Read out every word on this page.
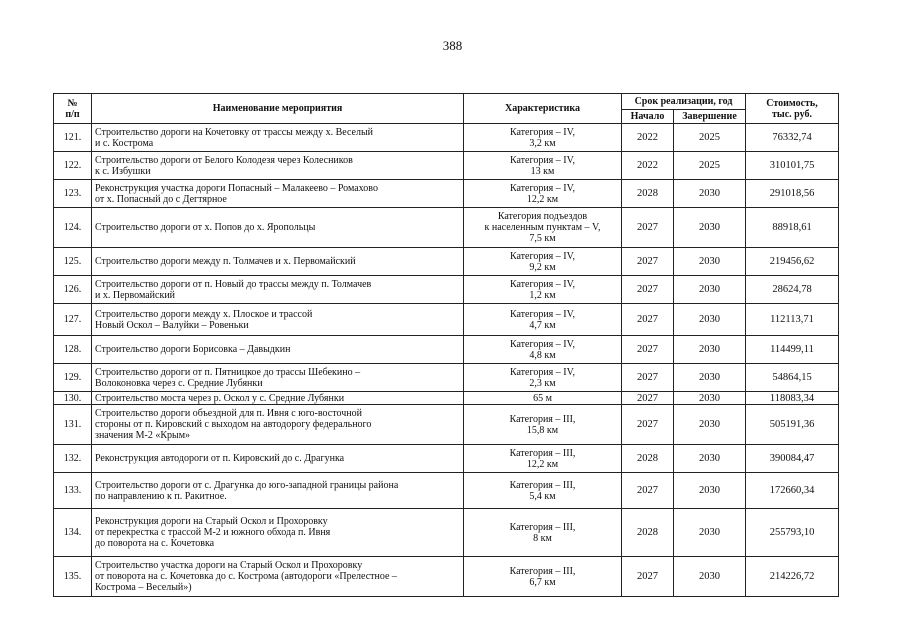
388
№
п/п	Наименование мероприятия	Характеристика	Срок реализации, год		Стоимость,
тыс. руб.
			Начало	Завершение	
121.	Строительство дороги на Кочетовку от трассы между х. Веселый
и с. Кострома	Категория – IV,
3,2 км	2022	2025	76332,74
122.	Строительство дороги от Белого Колодезя через Колесников
к с. Избушки	Категория – IV,
13 км	2022	2025	310101,75
123.	Реконструкция участка дороги Попасный – Малакеево – Ромахово
от х. Попасный до с Дегтярное	Категория – IV,
12,2 км	2028	2030	291018,56
124.	Строительство дороги от х. Попов до х. Яропольцы	Категория подъездов
к населенным пунктам – V,
7,5 км	2027	2030	88918,61
125.	Строительство дороги между п. Толмачев и х. Первомайский	Категория – IV,
9,2 км	2027	2030	219456,62
126.	Строительство дороги от п. Новый до трассы между п. Толмачев
и х. Первомайский	Категория – IV,
1,2 км	2027	2030	28624,78
127.	Строительство дороги между х. Плоское и трассой
Новый Оскол – Валуйки – Ровеньки	Категория – IV,
4,7 км	2027	2030	112113,71
128.	Строительство дороги Борисовка – Давыдкин	Категория – IV,
4,8 км	2027	2030	114499,11
129.	Строительство дороги от п. Пятницкое до трассы Шебекино –
Волоконовка через с. Средние Лубянки	Категория – IV,
2,3 км	2027	2030	54864,15
130.	Строительство моста через р. Оскол у с. Средние Лубянки	65 м	2027	2030	118083,34
131.	Строительство дороги объездной для п. Ивня с юго-восточной
стороны от п. Кировский с выходом на автодорогу федерального
значения М-2 «Крым»	Категория – III,
15,8 км	2027	2030	505191,36
132.	Реконструкция автодороги от п. Кировский до с. Драгунка	Категория – III,
12,2 км	2028	2030	390084,47
133.	Строительство дороги от с. Драгунка до юго-западной границы района
по направлению к п. Ракитное.	Категория – III,
5,4 км	2027	2030	172660,34
134.	Реконструкция дороги на Старый Оскол и Прохоровку
от перекрестка с трассой М-2 и южного обхода п. Ивня
до поворота на с. Кочетовка	Категория – III,
8 км	2028	2030	255793,10
135.	Строительство участка дороги на Старый Оскол и Прохоровку
от поворота на с. Кочетовка до с. Кострома (автодороги «Прелестное –
Кострома – Веселый»)	Категория – III,
6,7 км	2027	2030	214226,72
